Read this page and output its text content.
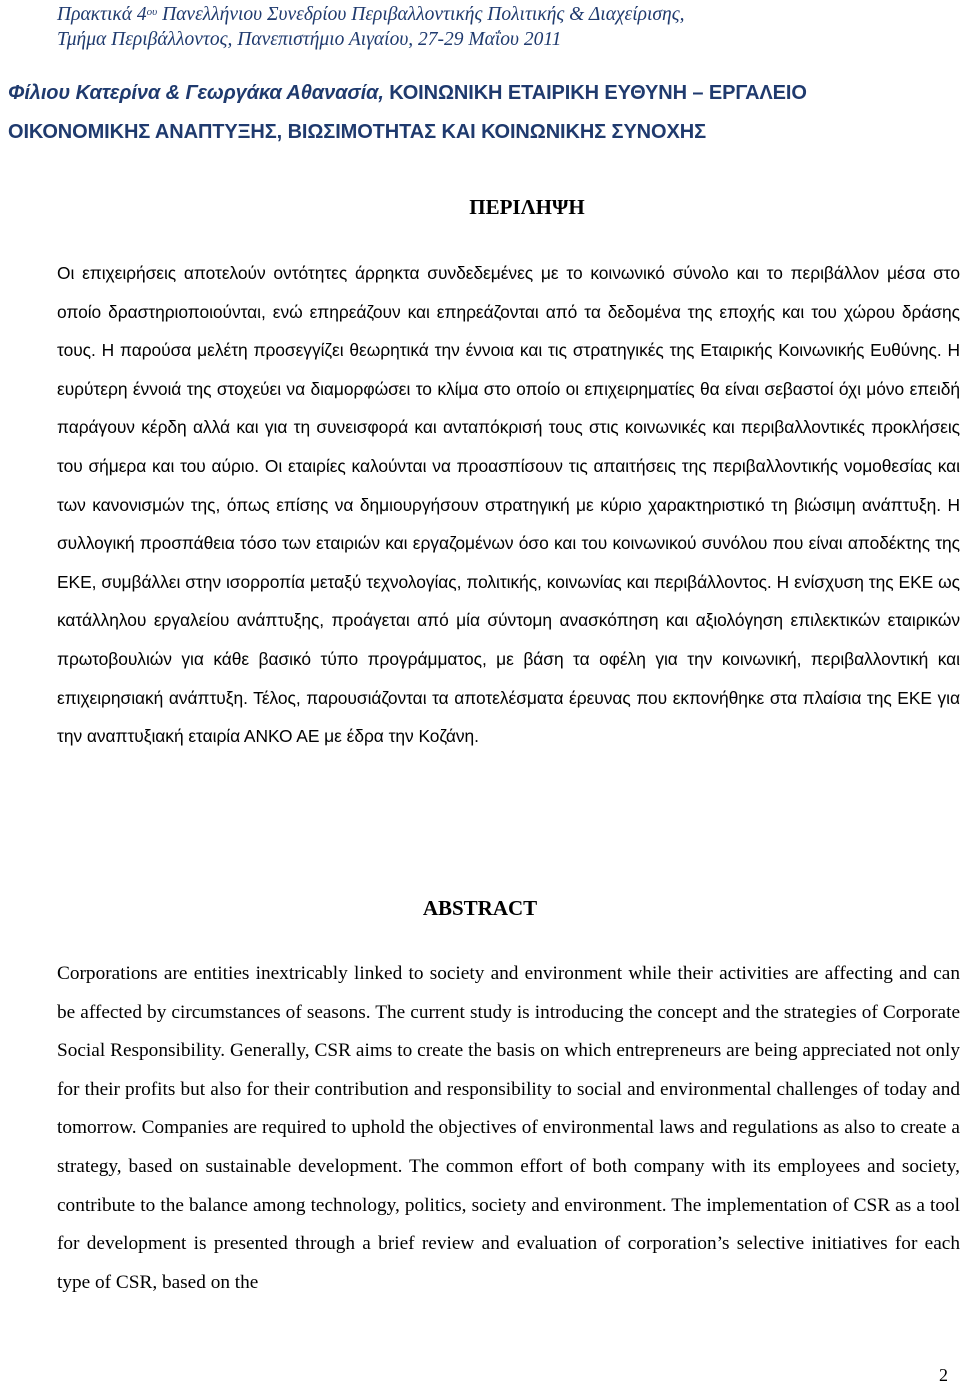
Πρακτικά $4^{o\upsilon}$ Πανελλήνιου Συνεδρίου Περιβαλλοντικής Πολιτικής & Διαχείρισης,
Τμήμα Περιβάλλοντος, Πανεπιστήμιο Αιγαίου, 27-29 Μαΐου 2011
Φίλιου Κατερίνα & Γεωργάκα Αθανασία, ΚΟΙΝΩΝΙΚΗ ΕΤΑΙΡΙΚΗ ΕΥΘΥΝΗ – ΕΡΓΑΛΕΙΟ ΟΙΚΟΝΟΜΙΚΗΣ ΑΝΑΠΤΥΞΗΣ, ΒΙΩΣΙΜΟΤΗΤΑΣ ΚΑΙ ΚΟΙΝΩΝΙΚΗΣ ΣΥΝΟΧΗΣ
ΠΕΡΙΛΗΨΗ
Οι επιχειρήσεις αποτελούν οντότητες άρρηκτα συνδεδεμένες με το κοινωνικό σύνολο και το περιβάλλον μέσα στο οποίο δραστηριοποιούνται, ενώ επηρεάζουν και επηρεάζονται από τα δεδομένα της εποχής και του χώρου δράσης τους. Η παρούσα μελέτη προσεγγίζει θεωρητικά την έννοια και τις στρατηγικές της Εταιρικής Κοινωνικής Ευθύνης. Η ευρύτερη έννοιά της στοχεύει να διαμορφώσει το κλίμα στο οποίο οι επιχειρηματίες θα είναι σεβαστοί όχι μόνο επειδή παράγουν κέρδη αλλά και για τη συνεισφορά και ανταπόκρισή τους στις κοινωνικές και περιβαλλοντικές προκλήσεις του σήμερα και του αύριο. Οι εταιρίες καλούνται να προασπίσουν τις απαιτήσεις της περιβαλλοντικής νομοθεσίας και των κανονισμών της, όπως επίσης να δημιουργήσουν στρατηγική με κύριο χαρακτηριστικό τη βιώσιμη ανάπτυξη. Η συλλογική προσπάθεια τόσο των εταιριών και εργαζομένων όσο και του κοινωνικού συνόλου που είναι αποδέκτης της ΕΚΕ, συμβάλλει στην ισορροπία μεταξύ τεχνολογίας, πολιτικής, κοινωνίας και περιβάλλοντος. Η ενίσχυση της ΕΚΕ ως κατάλληλου εργαλείου ανάπτυξης, προάγεται από μία σύντομη ανασκόπηση και αξιολόγηση επιλεκτικών εταιρικών πρωτοβουλιών για κάθε βασικό τύπο προγράμματος, με βάση τα οφέλη για την κοινωνική, περιβαλλοντική και επιχειρησιακή ανάπτυξη. Τέλος, παρουσιάζονται τα αποτελέσματα έρευνας που εκπονήθηκε στα πλαίσια της ΕΚΕ για την αναπτυξιακή εταιρία ΑΝΚΟ ΑΕ με έδρα την Κοζάνη.
ABSTRACT
Corporations are entities inextricably linked to society and environment while their activities are affecting and can be affected by circumstances of seasons. The current study is introducing the concept and the strategies of Corporate Social Responsibility. Generally, CSR aims to create the basis on which entrepreneurs are being appreciated not only for their profits but also for their contribution and responsibility to social and environmental challenges of today and tomorrow. Companies are required to uphold the objectives of environmental laws and regulations as also to create a strategy, based on sustainable development. The common effort of both company with its employees and society, contribute to the balance among technology, politics, society and environment. The implementation of CSR as a tool for development is presented through a brief review and evaluation of corporation’s selective initiatives for each type of CSR, based on the
2
